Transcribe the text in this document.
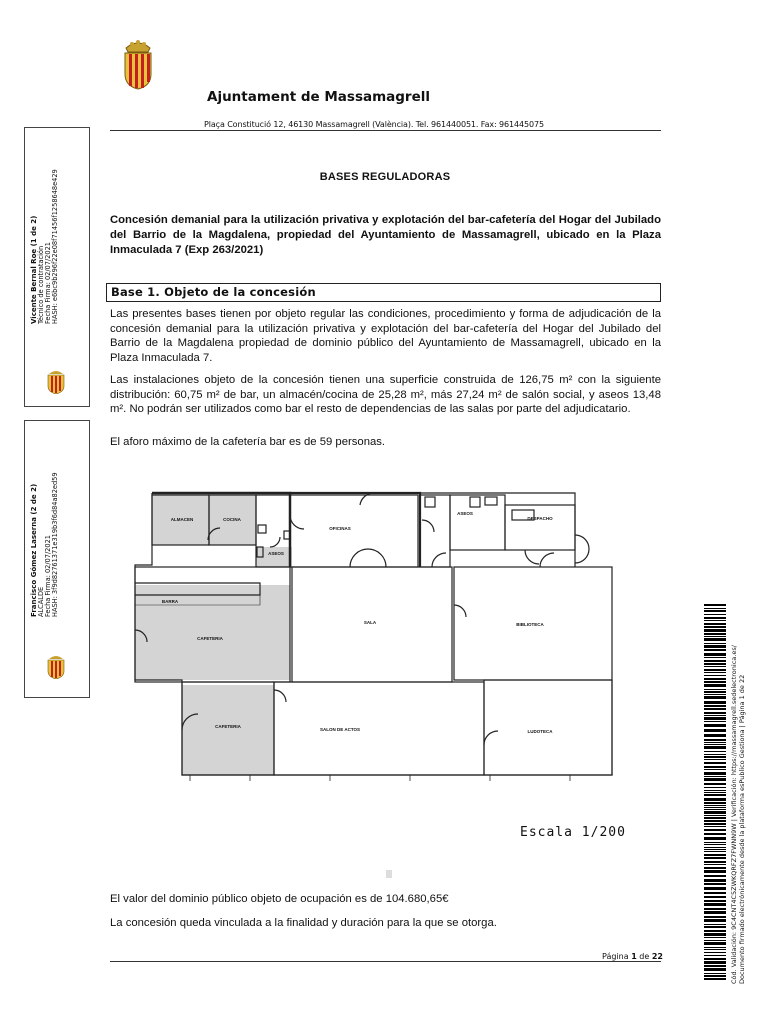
Ajuntament de Massamagrell
Plaça Constitució 12, 46130 Massamagrell (València). Tel. 961440051. Fax: 961445075
Vicente Bernal Roe (1 de 2) Técnico de contratación Fecha Firma: 02/07/2021 HASH: e6bc9b296f22e08f71456f1258648e429
Francisco Gómez Laserna (2 de 2) ALCALDE Fecha Firma: 02/07/2021 HASH: 3f9d82761371e319b3f6d84a82ed59
BASES REGULADORAS
Concesión demanial para la utilización privativa y explotación del bar-cafetería del Hogar del Jubilado del Barrio de la Magdalena, propiedad del Ayuntamiento de Massamagrell, ubicado en la Plaza Inmaculada 7 (Exp 263/2021)
Base 1. Objeto de la concesión
Las presentes bases tienen por objeto regular las condiciones, procedimiento y forma de adjudicación de la concesión demanial para la utilización privativa y explotación del bar-cafetería del Hogar del Jubilado del Barrio de la Magdalena propiedad de dominio público del Ayuntamiento de Massamagrell, ubicado en la Plaza Inmaculada 7.
Las instalaciones objeto de la concesión tienen una superficie construida de 126,75 m² con la siguiente distribución: 60,75 m² de bar, un almacén/cocina de 25,28 m², más 27,24 m² de salón social, y aseos 13,48 m². No podrán ser utilizados como bar el resto de dependencias de las salas por parte del adjudicatario.
El aforo máximo de la cafetería bar es de 59 personas.
ALMACEN	COCINA
ASEOS
OFICINAS
ASEOS
DESPACHO
BARRA
CAFETERIA
SALA	BIBLIOTECA
CAFETERIA
SALON DE ACTOS	LUDOTECA
Escala 1/200
El valor del dominio público objeto de ocupación es de 104.680,65€
La concesión queda vinculada a la finalidad y duración para la que se otorga.
Página 1 de 22	Cód. Validación: 9C4CNT4C5ZWKQRFZ7FWNN9W | Verificación: https://massamagrell.sedelectronica.es/ Documento firmado electrónicamente desde la plataforma esPublico Gestiona | Página 1 de 22
